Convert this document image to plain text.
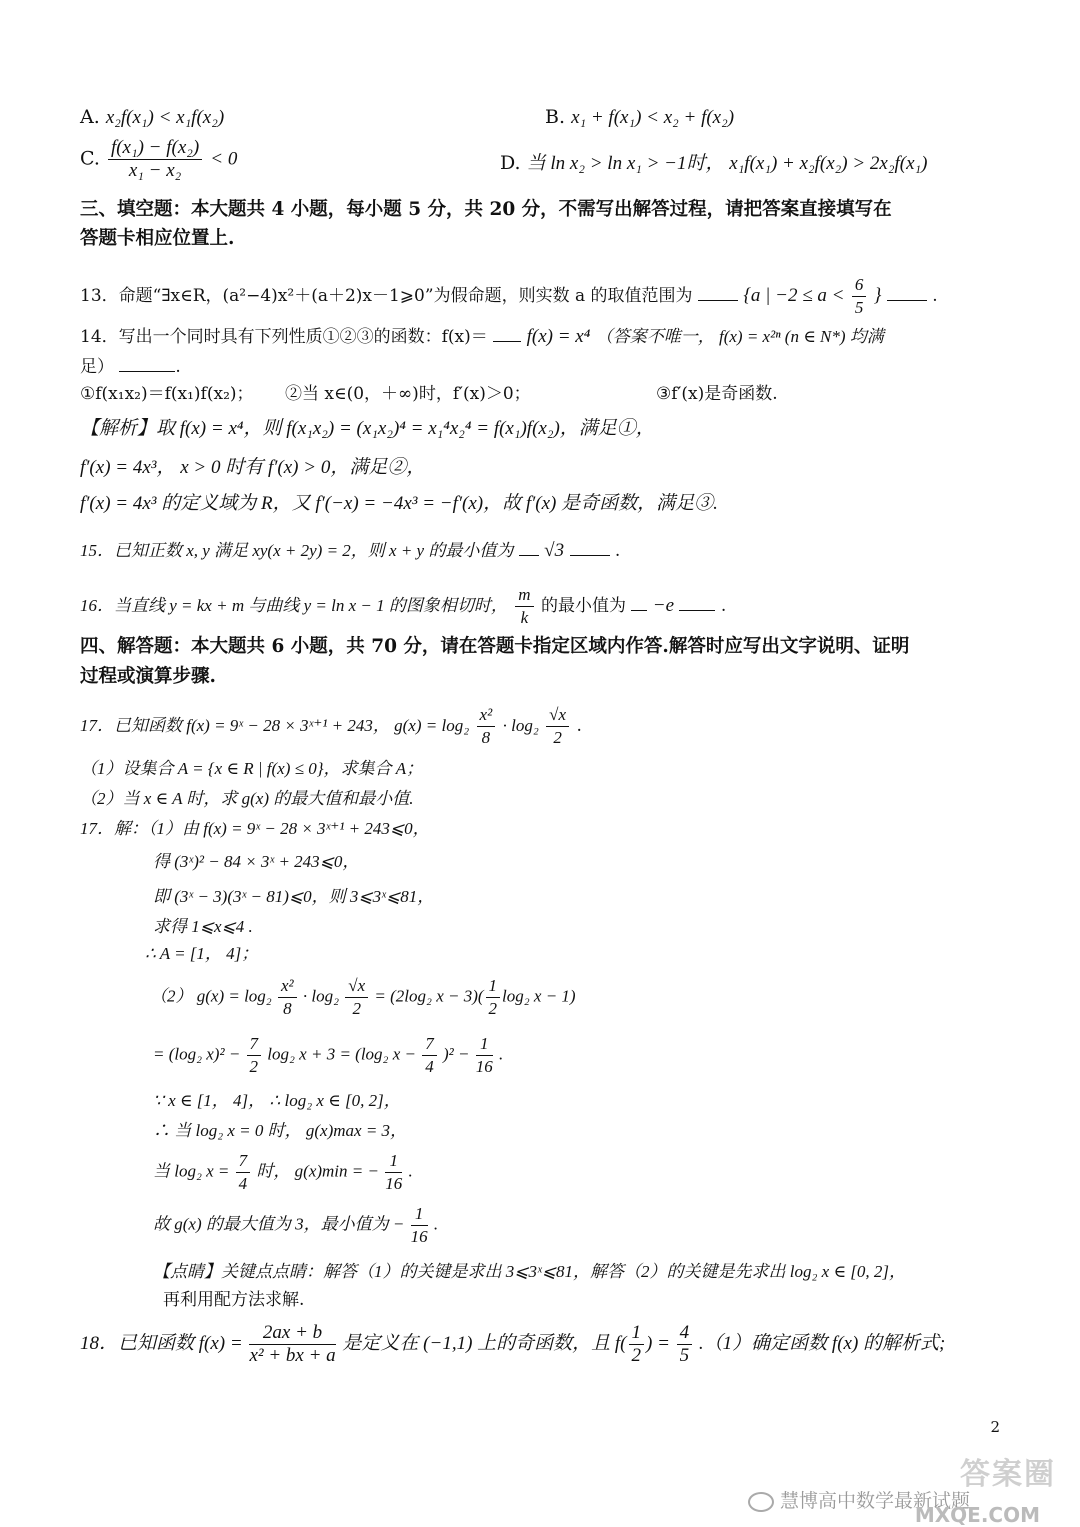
A. x₂f(x₁) < x₁f(x₂)	B. x₁ + f(x₁) < x₂ + f(x₂)
C. $\frac{\text{f(x₁) − f(x₂)}}{\text{x₁ − x₂}} < 0$	D. 当 ln x₂ > ln x₁ > −1时， x₁f(x₁) + x₂f(x₂) > 2x₂f(x₁)
三、填空题：本大题共 4 小题，每小题 5 分，共 20 分，不需写出解答过程，请把答案直接填写在
答题卡相应位置上.
13．命题“∃x∈R，(a²−4)x²＋(a＋2)x－1⩾0”为假命题，则实数 a 的取值范围为	{a | $-2 \le a < \frac{6}{5}$ }	.
14．写出一个同时具有下列性质①②③的函数：f(x)＝ f(x) = x⁴ （答案不唯一， f(x) = x²ⁿ (n ∈ N*) 均满
足）	.
①f(x₁x₂)＝f(x₁)f(x₂)； ②当 x∈(0，＋∞)时，f′(x)＞0；	③f′(x)是奇函数.
【解析】取 f(x) = x⁴，则 f(x₁x₂) = (x₁x₂)⁴ = x₁⁴x₂⁴ = f(x₁)f(x₂)，满足①，
f′(x) = 4x³， x > 0 时有 f′(x) > 0，满足②，
f′(x) = 4x³ 的定义域为 R，又 f′(−x) = −4x³ = −f′(x)，故 f′(x) 是奇函数，满足③.
15．已知正数 x, y 满足 xy(x + 2y) = 2，则 x + y 的最小值为 √3	.
16．当直线 y = kx + m 与曲线 y = ln x − 1 的图象相切时， $\frac{m}{k}$ 的最小值为 −e	.
四、解答题：本大题共 6 小题，共 70 分，请在答题卡指定区域内作答.解答时应写出文字说明、证明
过程或演算步骤.
17．已知函数 f(x) = 9ˣ − 28 × 3ˣ⁺¹ + 243， $g(x) = \log_2 \frac{\text{x²}}{8} \cdot \log_2 \frac{√x}{2}$ .
（1）设集合 A = {x ∈ R | f(x) ≤ 0}，求集合 A；
（2）当 x ∈ A 时，求 g(x) 的最大值和最小值.
17．解：（1）由 f(x) = 9ˣ − 28 × 3ˣ⁺¹ + 243⩽0，
得 (3ˣ)² − 84 × 3ˣ + 243⩽0，
即 (3ˣ − 3)(3ˣ − 81)⩽0，则 3⩽3ˣ⩽81，
求得 1⩽x⩽4 .
∴ A = [1， 4]；
（2） $g(x) = \log_2 \frac{\text{x²}}{8} \cdot \log_2 \frac{√x}{2} = (2\log_2$ $x - 3)( \frac{1}{2} \log_2$ x − 1)
= (log₂ $x)^2 - \frac{7}{2} \log_2$ x + 3 = (log₂ $x - \frac{7}{4} )^2 - \frac{1}{16}$ .
∵ x ∈ [1， 4]， ∴ log₂ x ∈ [0, 2]，
∴ 当 log₂ x = 0 时， g(x)max = 3，
当 log₂ $x = \frac{7}{4}$ 时， g(x)min = − $\frac{1}{16}$ .
故 g(x) 的最大值为 3，最小值为 − $\frac{1}{16}$ .
【点睛】关键点点睛：解答（1）的关键是求出 3⩽3ˣ⩽81，解答（2）的关键是先求出 log₂ x ∈ [0, 2]，
再利用配方法求解.
18．已知函数 $f(x) = \frac{2ax + b}{\text{x² + bx + a}}$ 是定义在 (−1,1) 上的奇函数，且 $f( \frac{1}{2}$ ) = $\frac{4}{5} .(1)$确定函数 f(x) 的解析式;
2
慧博高中数学最新试题
答案圈
MXQE.COM
